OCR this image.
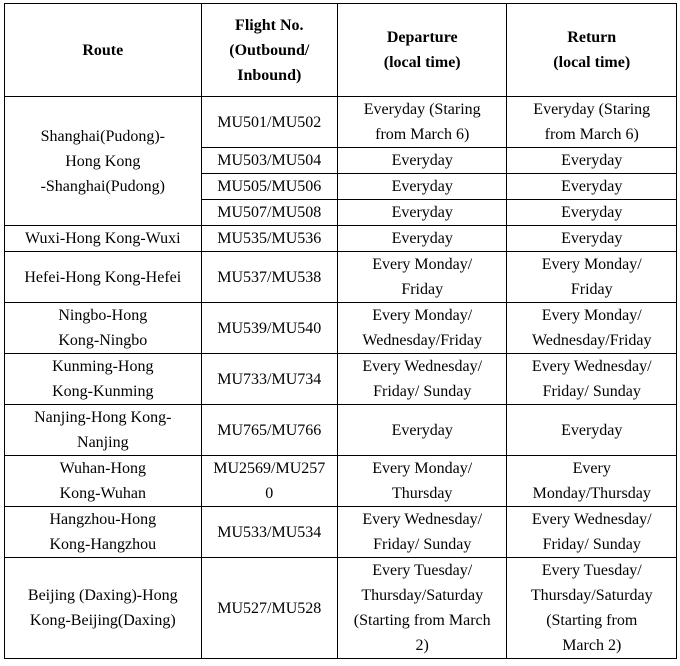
Route	Flight No.
(Outbound/
Inbound)	Departure
(local time)	Return
(local time)

Shanghai(Pudong)-
Hong Kong
-Shanghai(Pudong)	MU501/MU502	Everyday (Staring
from March 6)	Everyday (Staring
from March 6)

	MU503/MU504	Everyday	Everyday

	MU505/MU506	Everyday	Everyday

	MU507/MU508	Everyday	Everyday

Wuxi-Hong Kong-Wuxi	MU535/MU536	Everyday	Everyday

Hefei-Hong Kong-Hefei	MU537/MU538	Every Monday/
Friday	Every Monday/
Friday

Ningbo-Hong
Kong-Ningbo	MU539/MU540	Every Monday/
Wednesday/Friday	Every Monday/
Wednesday/Friday

Kunming-Hong
Kong-Kunming	MU733/MU734	Every Wednesday/
Friday/ Sunday	Every Wednesday/
Friday/ Sunday

Nanjing-Hong Kong-
Nanjing	MU765/MU766	Everyday	Everyday

Wuhan-Hong
Kong-Wuhan	MU2569/MU257
0	Every Monday/
Thursday	Every
Monday/Thursday

Hangzhou-Hong
Kong-Hangzhou	MU533/MU534	Every Wednesday/
Friday/ Sunday	Every Wednesday/
Friday/ Sunday

Beijing (Daxing)-Hong
Kong-Beijing(Daxing)	MU527/MU528	Every Tuesday/
Thursday/Saturday
(Starting from March
2)	Every Tuesday/
Thursday/Saturday
(Starting from
March 2)
